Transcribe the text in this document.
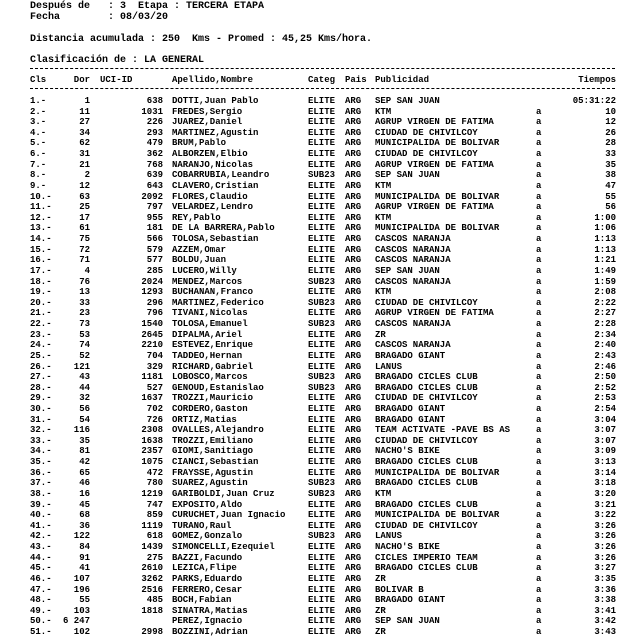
Después de   : 3  Etapa : TERCERA ETAPA
Fecha        : 08/03/20
Distancia acumulada : 250  Kms - Promed : 45,25 Kms/hora.
Clasificación de : LA GENERAL
Cls	Dor UCI-ID	Apellido,Nombre	Categ Pais Publicidad	Tiempos
1.-	1	638 DOTTI,Juan Pablo	ELITE ARG SEP SAN JUAN	05:31:22
2.-	11	1031 FREDES,Sergio	ELITE ARG KTM	a	10
3.-	27	226 JUAREZ,Daniel	ELITE ARG AGRUP VIRGEN DE FATIMA	a	12
4.-	34	293 MARTINEZ,Agustin	ELITE ARG CIUDAD DE CHIVILCOY	a	26
5.-	62	479 BRUM,Pablo	ELITE ARG MUNICIPALIDA DE BOLIVAR	a	28
6.-	31	362 ALBORZEN,Elbio	ELITE ARG CIUDAD DE CHIVILCOY	a	33
7.-	21	768 NARANJO,Nicolas	ELITE ARG AGRUP VIRGEN DE FATIMA	a	35
8.-	2	639 COBARRUBIA,Leandro	SUB23 ARG SEP SAN JUAN	a	38
9.-	12	643 CLAVERO,Cristian	ELITE ARG KTM	a	47
10.-	63	2092 FLORES,Claudio	ELITE ARG MUNICIPALIDA DE BOLIVAR	a	55
11.-	25	797 VELARDEZ,Lendro	ELITE ARG AGRUP VIRGEN DE FATIMA	a	56
12.-	17	955 REY,Pablo	ELITE ARG KTM	a	1:00
13.-	61	181 DE LA BARRERA,Pablo	ELITE ARG MUNICIPALIDA DE BOLIVAR	a	1:06
14.-	75	566 TOLOSA,Sebastian	ELITE ARG CASCOS NARANJA	a	1:13
15.-	72	579 AZZEM,Omar	ELITE ARG CASCOS NARANJA	a	1:13
16.-	71	577 BOLDU,Juan	ELITE ARG CASCOS NARANJA	a	1:21
17.-	4	285 LUCERO,Willy	ELITE ARG SEP SAN JUAN	a	1:49
18.-	76	2024 MENDEZ,Marcos	SUB23 ARG CASCOS NARANJA	a	1:59
19.-	13	1293 BUCHANAN,Franco	ELITE ARG KTM	a	2:08
20.-	33	296 MARTINEZ,Federico	SUB23 ARG CIUDAD DE CHIVILCOY	a	2:22
21.-	23	796 TIVANI,Nicolas	ELITE ARG AGRUP VIRGEN DE FATIMA	a	2:27
22.-	73	1540 TOLOSA,Emanuel	SUB23 ARG CASCOS NARANJA	a	2:28
23.-	53	2645 DIPALMA,Ariel	ELITE ARG ZR	a	2:34
24.-	74	2210 ESTEVEZ,Enrique	ELITE ARG CASCOS NARANJA	a	2:40
25.-	52	704 TADDEO,Hernan	ELITE ARG BRAGADO GIANT	a	2:43
26.-	121	329 RICHARD,Gabriel	ELITE ARG LANUS	a	2:46
27.-	43	1181 LOBOSCO,Marcos	SUB23 ARG BRAGADO CICLES CLUB	a	2:50
28.-	44	527 GENOUD,Estanislao	SUB23 ARG BRAGADO CICLES CLUB	a	2:52
29.-	32	1637 TROZZI,Mauricio	ELITE ARG CIUDAD DE CHIVILCOY	a	2:53
30.-	56	702 CORDERO,Gaston	ELITE ARG BRAGADO GIANT	a	2:54
31.-	54	726 ORTIZ,Matias	ELITE ARG BRAGADO GIANT	a	3:04
32.-	116	2308 OVALLES,Alejandro	ELITE ARG TEAM ACTIVATE -PAVE BS AS	a	3:07
33.-	35	1638 TROZZI,Emiliano	ELITE ARG CIUDAD DE CHIVILCOY	a	3:07
34.-	81	2357 GIOMI,Sanitiago	ELITE ARG NACHO'S BIKE	a	3:09
35.-	42	1075 CIANCI,Sebastian	ELITE ARG BRAGADO CICLES CLUB	a	3:13
36.-	65	472 FRAYSSE,Agustin	ELITE ARG MUNICIPALIDA DE BOLIVAR	a	3:14
37.-	46	780 SUAREZ,Agustin	SUB23 ARG BRAGADO CICLES CLUB	a	3:18
38.-	16	1219 GARIBOLDI,Juan Cruz	SUB23 ARG KTM	a	3:20
39.-	45	747 EXPOSITO,Aldo	ELITE ARG BRAGADO CICLES CLUB	a	3:21
40.-	68	859 CURUCHET,Juan Ignacio	ELITE ARG MUNICIPALIDA DE BOLIVAR	a	3:22
41.-	36	1119 TURANO,Raul	ELITE ARG CIUDAD DE CHIVILCOY	a	3:26
42.-	122	618 GOMEZ,Gonzalo	SUB23 ARG LANUS	a	3:26
43.-	84	1439 SIMONCELLI,Ezequiel	ELITE ARG NACHO'S BIKE	a	3:26
44.-	91	275 BAZZI,Facundo	ELITE ARG CICLES IMPERIO TEAM	a	3:26
45.-	41	2610 LEZICA,Flipe	ELITE ARG BRAGADO CICLES CLUB	a	3:27
46.-	107	3262 PARKS,Eduardo	ELITE ARG ZR	a	3:35
47.-	196	2516 FERRERO,Cesar	ELITE ARG BOLIVAR B	a	3:36
48.-	55	485 BOCH,Fabian	ELITE ARG BRAGADO GIANT	a	3:38
49.-	103	1818 SINATRA,Matias	ELITE ARG ZR	a	3:41
50.-	6 247	PEREZ,Ignacio	ELITE ARG SEP SAN JUAN	a	3:42
51.-	102	2998 BOZZINI,Adrian	ELITE ARG ZR	a	3:43
